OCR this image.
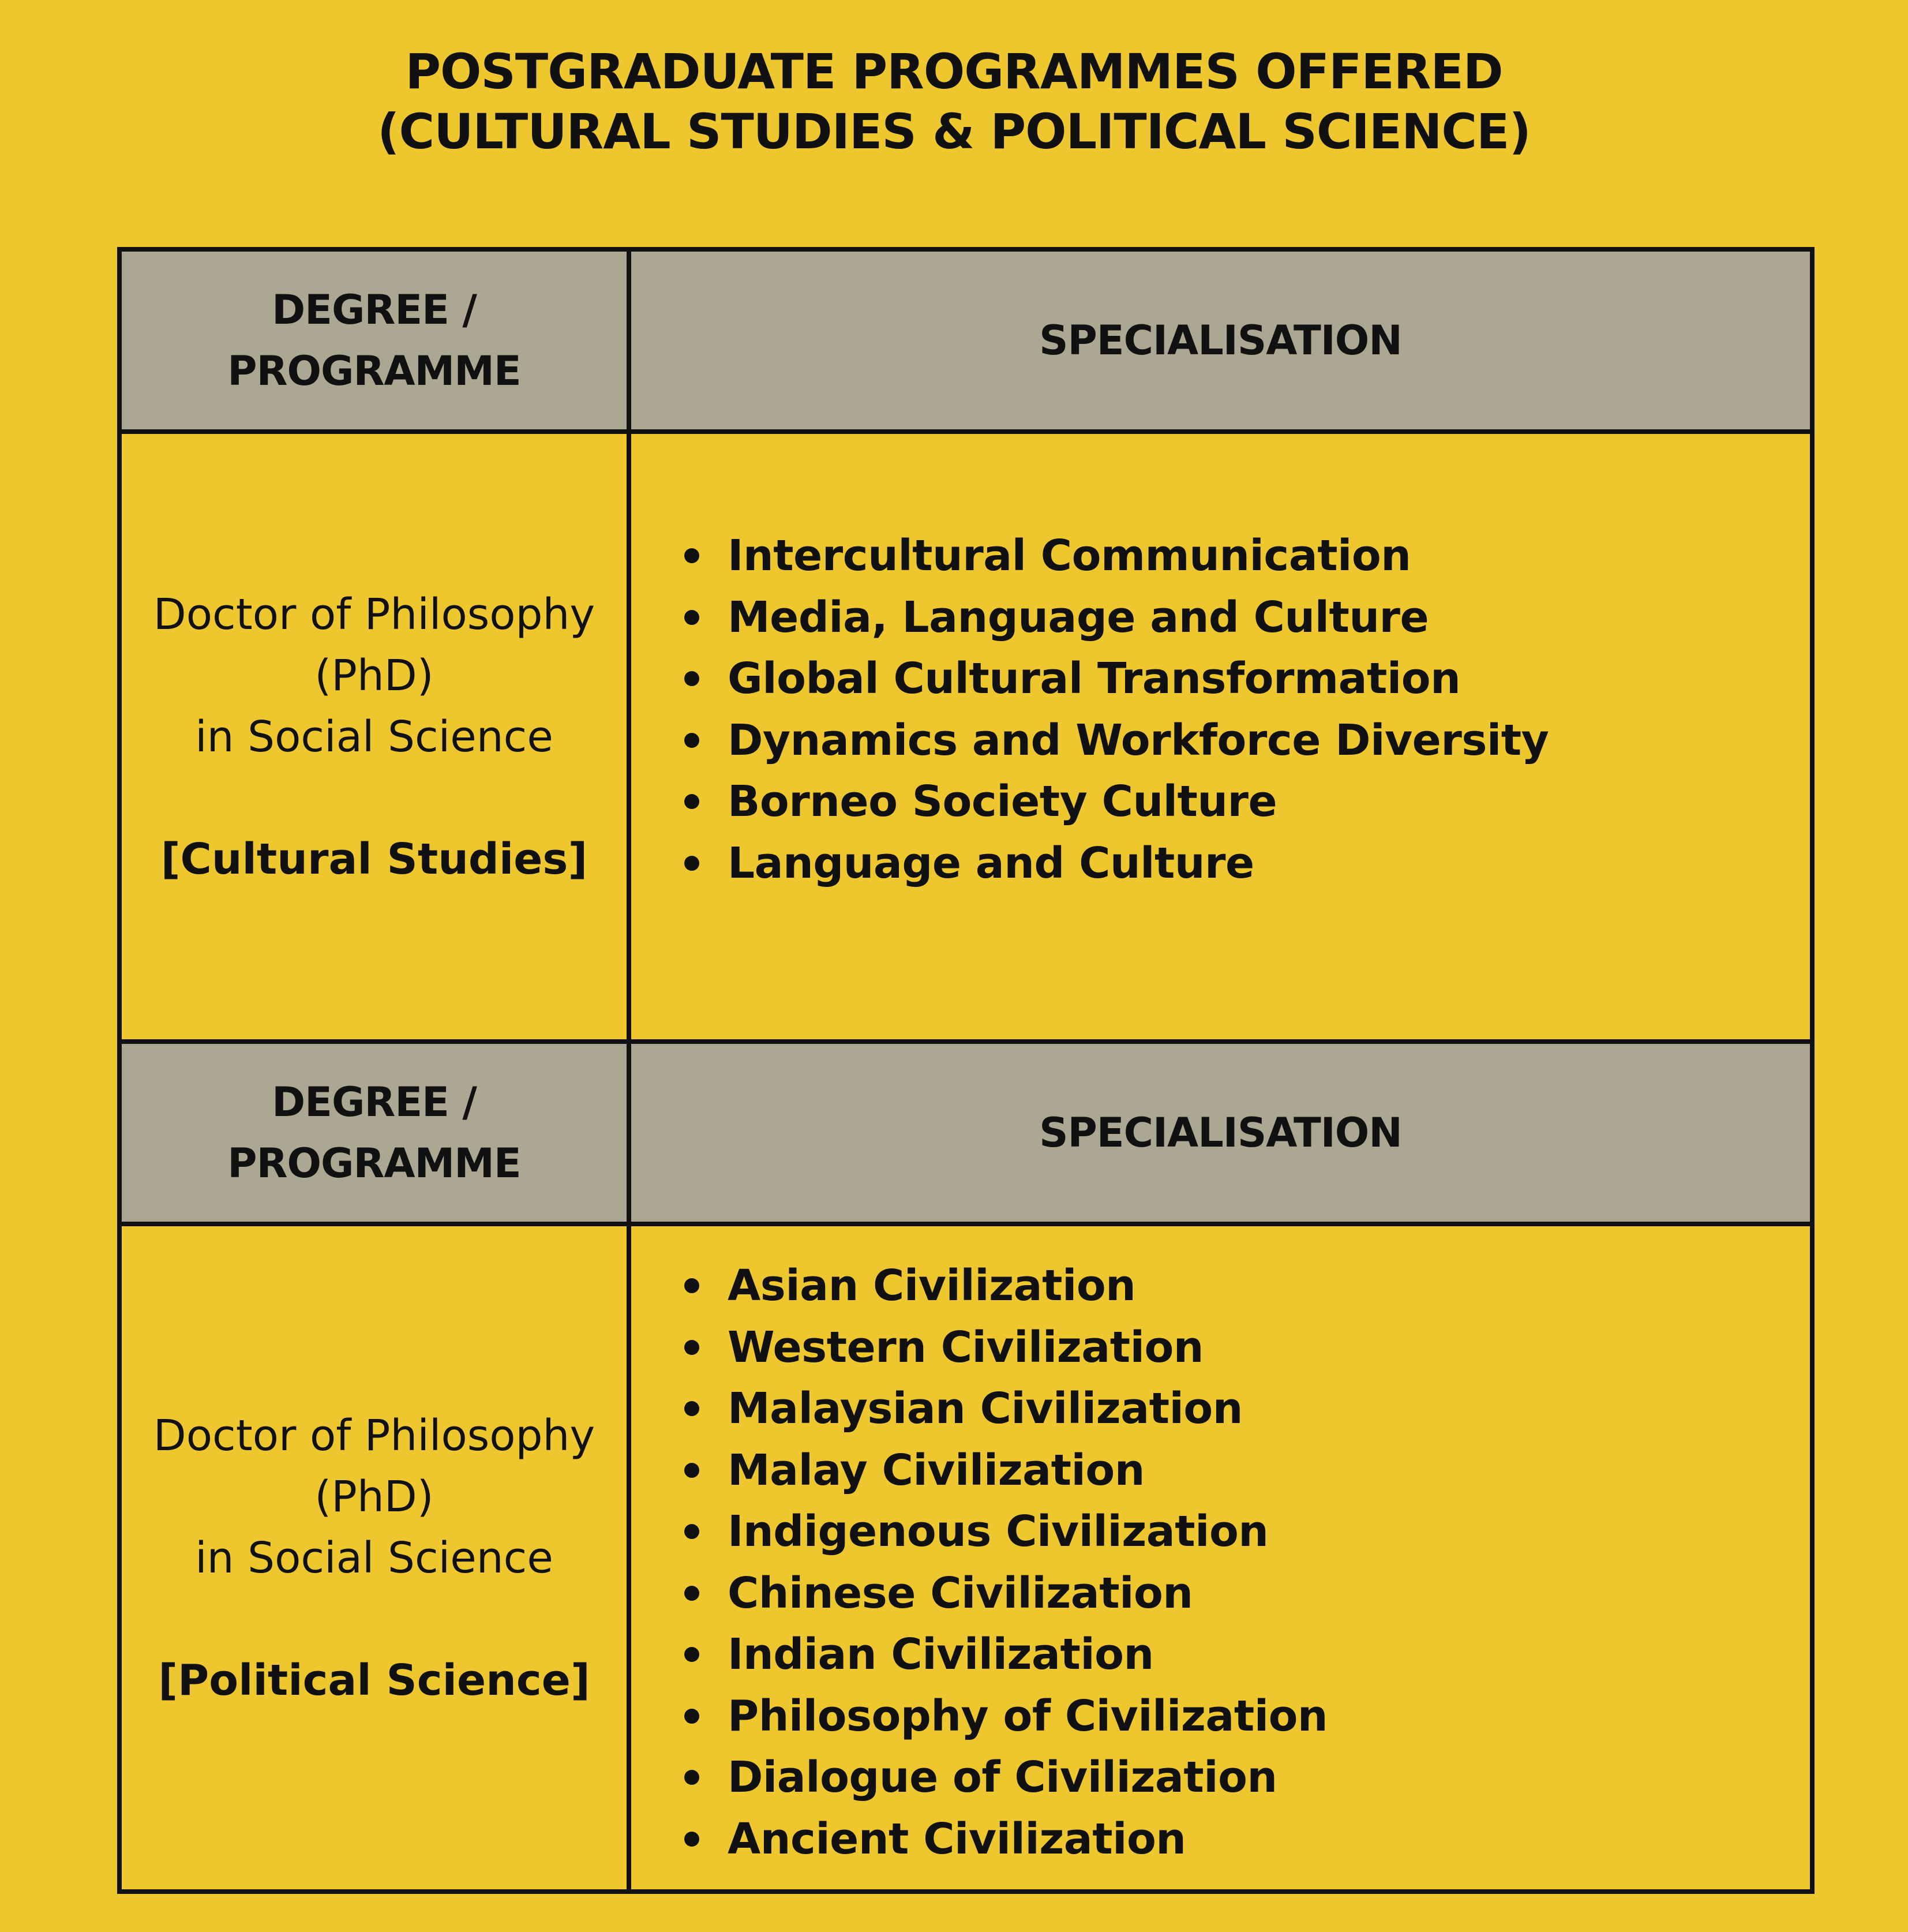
POSTGRADUATE PROGRAMMES OFFERED
(CULTURAL STUDIES & POLITICAL SCIENCE)
DEGREE /
PROGRAMME
SPECIALISATION
Doctor of Philosophy
(PhD)
in Social Science
[Cultural Studies]
DEGREE /
PROGRAMME
SPECIALISATION
Doctor of Philosophy
(PhD)
in Social Science
[Political Science]
Intercultural Communication
Media, Language and Culture
Global Cultural Transformation
Dynamics and Workforce Diversity
Borneo Society Culture
Language and Culture
Asian Civilization
Western Civilization
Malaysian Civilization
Malay Civilization
Indigenous Civilization
Chinese Civilization
Indian Civilization
Philosophy of Civilization
Dialogue of Civilization
Ancient Civilization
